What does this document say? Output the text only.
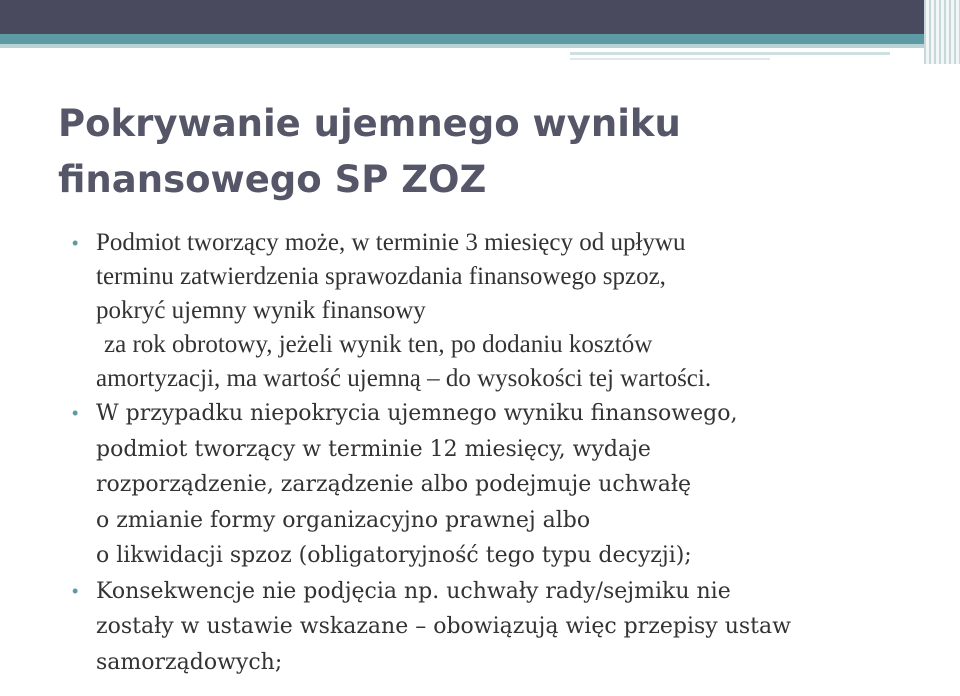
Pokrywanie ujemnego wyniku
finansowego SP ZOZ
• Podmiot tworzący może, w terminie 3 miesięcy od upływu
terminu zatwierdzenia sprawozdania finansowego spzoz,
pokryć ujemny wynik finansowy
za rok obrotowy, jeżeli wynik ten, po dodaniu kosztów
amortyzacji, ma wartość ujemną – do wysokości tej wartości.
• W przypadku niepokrycia ujemnego wyniku finansowego,
podmiot tworzący w terminie 12 miesięcy, wydaje
rozporządzenie, zarządzenie albo podejmuje uchwałę
o zmianie formy organizacyjno prawnej albo
o likwidacji spzoz (obligatoryjność tego typu decyzji);
• Konsekwencje nie podjęcia np. uchwały rady/sejmiku nie
zostały w ustawie wskazane – obowiązują więc przepisy ustaw
samorządowych;
